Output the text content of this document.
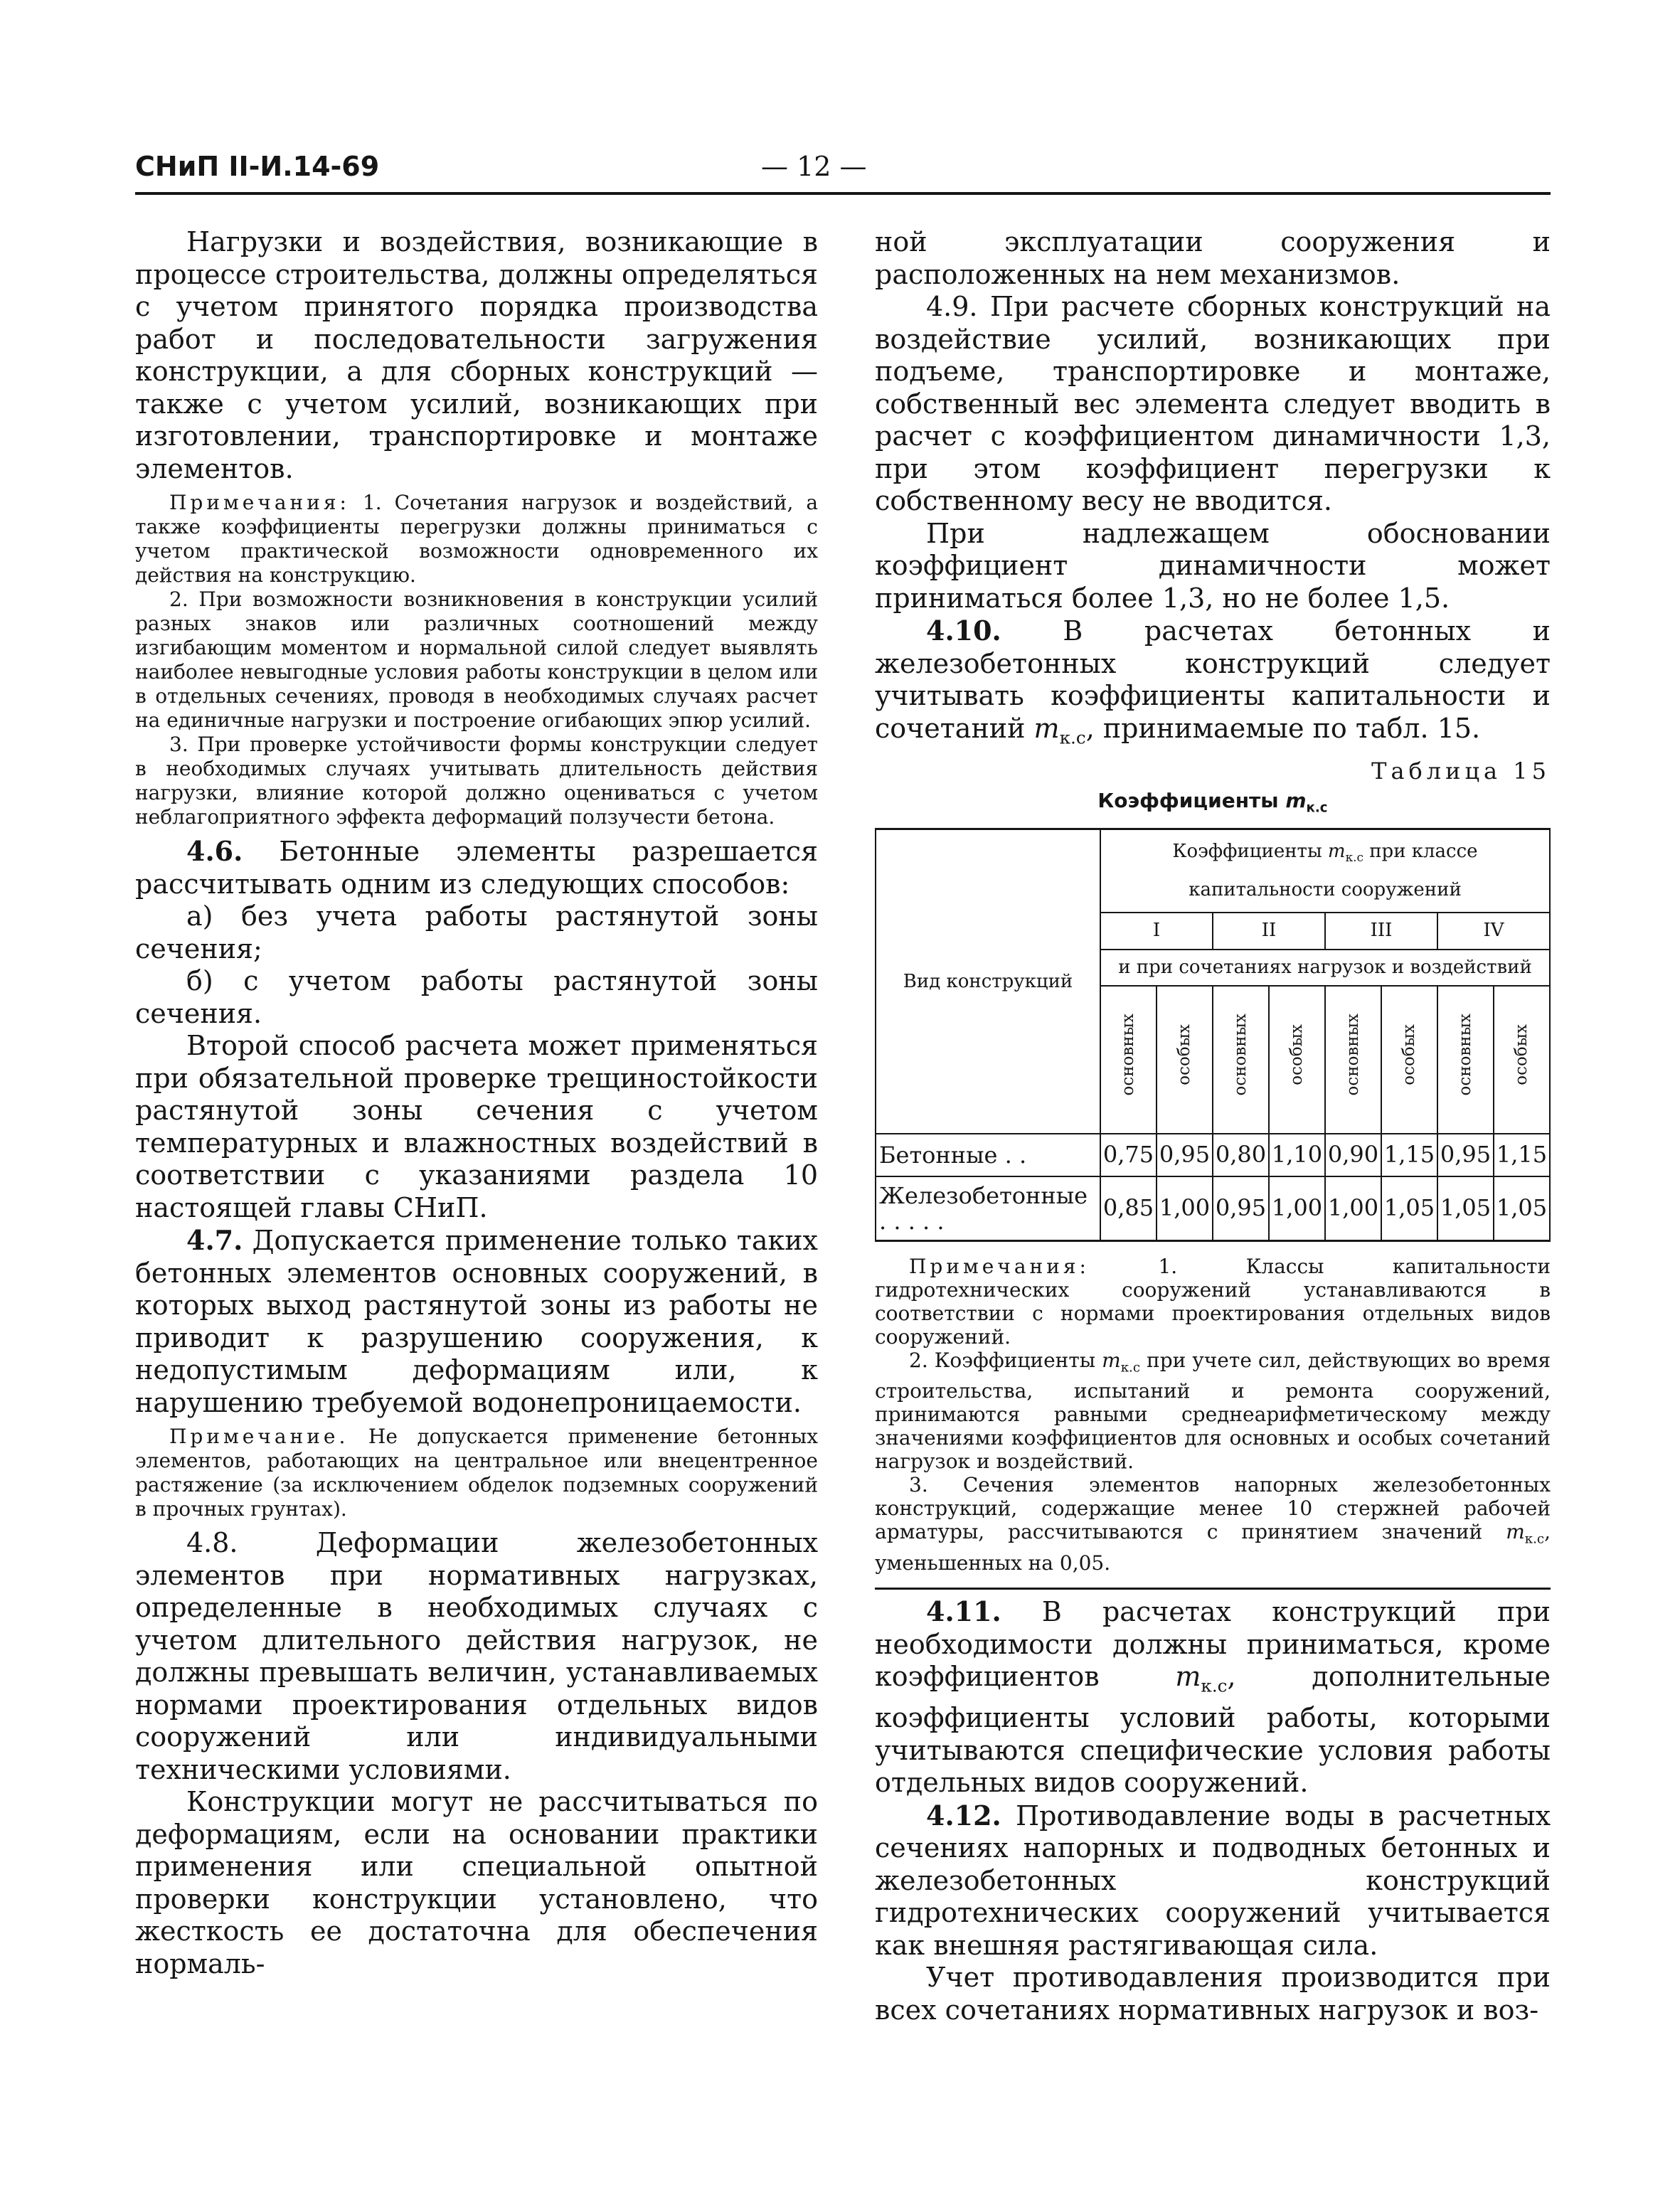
СНиП II-И.14-69	— 12 —

Нагрузки и воздействия, возникающие в процессе строительства, должны определяться с учетом принятого порядка производства работ и последовательности загружения конструкции, а для сборных конструкций — также с учетом усилий, возникающих при изготовлении, транспортировке и монтаже элементов.

Примечания: 1. Сочетания нагрузок и воздействий, а также коэффициенты перегрузки должны приниматься с учетом практической возможности одновременного их действия на конструкцию.

2. При возможности возникновения в конструкции усилий разных знаков или различных соотношений между изгибающим моментом и нормальной силой следует выявлять наиболее невыгодные условия работы конструкции в целом или в отдельных сечениях, проводя в необходимых случаях расчет на единичные нагрузки и построение огибающих эпюр усилий.

3. При проверке устойчивости формы конструкции следует в необходимых случаях учитывать длительность действия нагрузки, влияние которой должно оцениваться с учетом неблагоприятного эффекта деформаций ползучести бетона.

4.6. Бетонные элементы разрешается рассчитывать одним из следующих способов:

а) без учета работы растянутой зоны сечения;

б) с учетом работы растянутой зоны сечения.

Второй способ расчета может применяться при обязательной проверке трещиностойкости растянутой зоны сечения с учетом температурных и влажностных воздействий в соответствии с указаниями раздела 10 настоящей главы СНиП.

4.7. Допускается применение только таких бетонных элементов основных сооружений, в которых выход растянутой зоны из работы не приводит к разрушению сооружения, к недопустимым деформациям или, к нарушению требуемой водонепроницаемости.

Примечание. Не допускается применение бетонных элементов, работающих на центральное или внецентренное растяжение (за исключением обделок подземных сооружений в прочных грунтах).

4.8.	Деформации железобетонных элементов при нормативных нагрузках, определенные в необходимых случаях с учетом длительного действия нагрузок, не должны превышать величин, устанавливаемых нормами проектирования отдельных видов сооружений или индивидуальными техническими условиями.

Конструкции могут не рассчитываться по деформациям, если на основании практики применения или специальной опытной проверки конструкции установлено, что жесткость ее достаточна для обеспечения нормаль-

ной эксплуатации сооружения и расположенных на нем механизмов.

4.9. При расчете сборных конструкций на воздействие усилий, возникающих при подъеме, транспортировке и монтаже, собственный вес элемента следует вводить в расчет с коэффициентом динамичности 1,3, при этом коэффициент перегрузки к собственному весу не вводится.

При надлежащем обосновании коэффициент динамичности может приниматься более 1,3, но не более 1,5.

4.10. В расчетах бетонных и железобетонных конструкций следует учитывать коэффициенты капитальности и сочетаний $m_{к.с}$, принимаемые по табл. 15.

Таблица 15
Коэффициенты $m_{к.с}$
Вид конструкций	Коэффициенты $m_{к.с}$ при классе капитальности сооружений							
	I		II		III		IV	
	и при сочетаниях нагрузок и воздействий							
	основных	особых	основных	особых	основных	особых	основных	особых
Бетонные . .	0,75	0,95	0,80	1,10	0,90	1,15	0,95	1,15
Железобетонные . . . . .	0,85	1,00	0,95	1,00	1,00	1,05	1,05	1,05

Примечания:	1. Классы капитальности гидротехнических сооружений устанавливаются в соответствии с нормами проектирования отдельных видов сооружений.

2. Коэффициенты $m_{к.с}$ при учете сил, действующих во время строительства, испытаний и ремонта сооружений, принимаются равными среднеарифметическому между значениями коэффициентов для основных и особых сочетаний нагрузок и воздействий.

3. Сечения элементов напорных железобетонных конструкций, содержащие менее 10 стержней рабочей арматуры, рассчитываются с принятием значений $m_{к.с}$, уменьшенных на 0,05.

4.11. В расчетах конструкций при необходимости должны приниматься, кроме коэффициентов	$m_{к.с}$, дополнительные коэффициенты условий работы, которыми учитываются специфические условия работы отдельных видов сооружений.

4.12. Противодавление воды в расчетных сечениях напорных и подводных бетонных и железобетонных конструкций гидротехнических сооружений учитывается как внешняя растягивающая сила.

Учет противодавления производится при всех сочетаниях нормативных нагрузок и воз-
